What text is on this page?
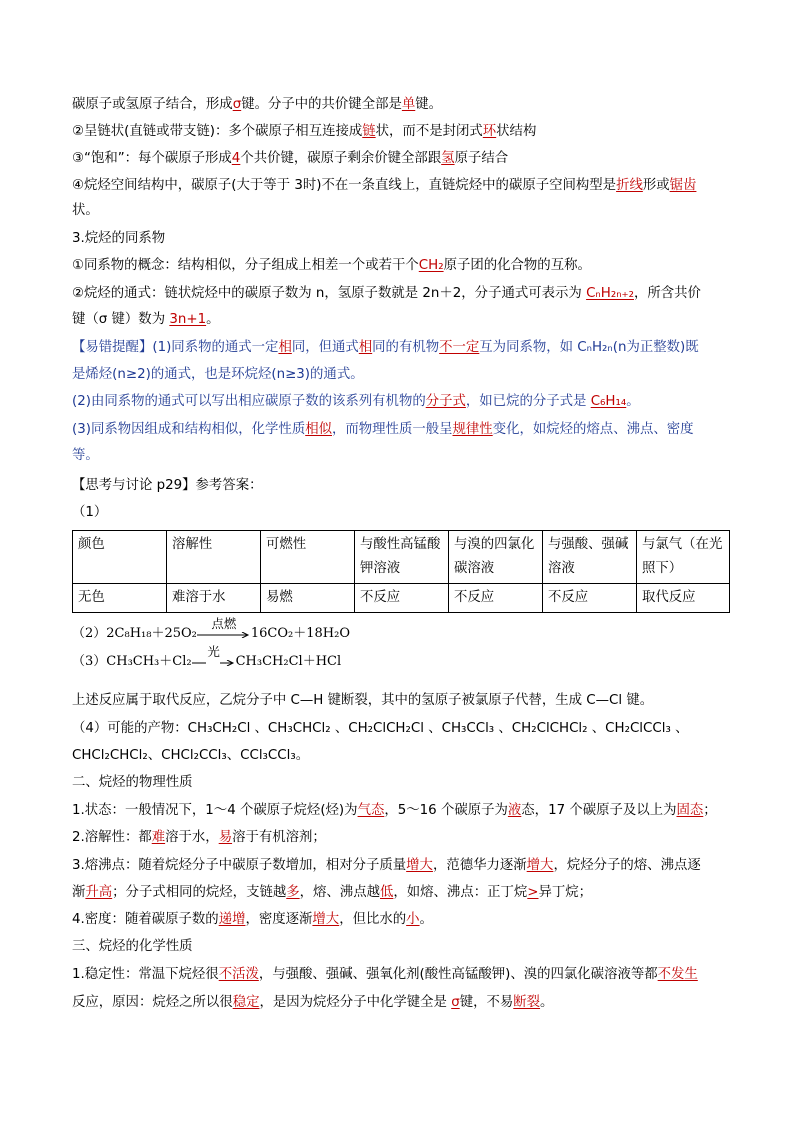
碳原子或氢原子结合，形成σ键。分子中的共价键全部是单键。
②呈链状(直链或带支链)：多个碳原子相互连接成链状，而不是封闭式环状结构
③“饱和”：每个碳原子形成4个共价键，碳原子剩余价键全部跟氢原子结合
④烷烃空间结构中，碳原子(大于等于 3时)不在一条直线上，直链烷烃中的碳原子空间构型是折线形或锯齿
状。
3.烷烃的同系物
①同系物的概念：结构相似，分子组成上相差一个或若干个CH₂原子团的化合物的互称。
②烷烃的通式：链状烷烃中的碳原子数为 n，氢原子数就是 2n＋2，分子通式可表示为 CₙH₂ₙ₊₂，所含共价
键（σ 键）数为 3n+1。
【易错提醒】(1)同系物的通式一定相同，但通式相同的有机物不一定互为同系物，如 CₙH₂ₙ(n为正整数)既
是烯烃(n≥2)的通式，也是环烷烃(n≥3)的通式。
(2)由同系物的通式可以写出相应碳原子数的该系列有机物的分子式，如已烷的分子式是 C₆H₁₄。
(3)同系物因组成和结构相似，化学性质相似，而物理性质一般呈规律性变化，如烷烃的熔点、沸点、密度
等。
【思考与讨论 p29】参考答案：
（1）
颜色	溶解性	可燃性	与酸性高锰酸钾溶液	与溴的四氯化碳溶液	与强酸、强碱溶液	与氯气（在光照下）
无色	难溶于水	易燃	不反应	不反应	不反应	取代反应
（2）2C₈H₁₈＋25O₂
点燃
16CO₂＋18H₂O
（3）CH₃CH₃＋Cl₂
光
CH₃CH₂Cl＋HCl
上述反应属于取代反应，乙烷分子中 C—H 键断裂，其中的氢原子被氯原子代替，生成 C—Cl 键。
（4）可能的产物：CH₃CH₂Cl 、CH₃CHCl₂ 、CH₂ClCH₂Cl 、CH₃CCl₃ 、CH₂ClCHCl₂ 、CH₂ClCCl₃ 、
CHCl₂CHCl₂、CHCl₂CCl₃、CCl₃CCl₃。
二、烷烃的物理性质
1.状态：一般情况下，1～4 个碳原子烷烃(烃)为气态，5～16 个碳原子为液态，17 个碳原子及以上为固态；
2.溶解性：都难溶于水，易溶于有机溶剂；
3.熔沸点：随着烷烃分子中碳原子数增加，相对分子质量增大，范德华力逐渐增大，烷烃分子的熔、沸点逐
渐升高；分子式相同的烷烃，支链越多，熔、沸点越低，如熔、沸点：正丁烷>异丁烷；
4.密度：随着碳原子数的递增，密度逐渐增大，但比水的小。
三、烷烃的化学性质
1.稳定性：常温下烷烃很不活泼，与强酸、强碱、强氧化剂(酸性高锰酸钾)、溴的四氯化碳溶液等都不发生
反应，原因：烷烃之所以很稳定，是因为烷烃分子中化学键全是 σ键，不易断裂。
